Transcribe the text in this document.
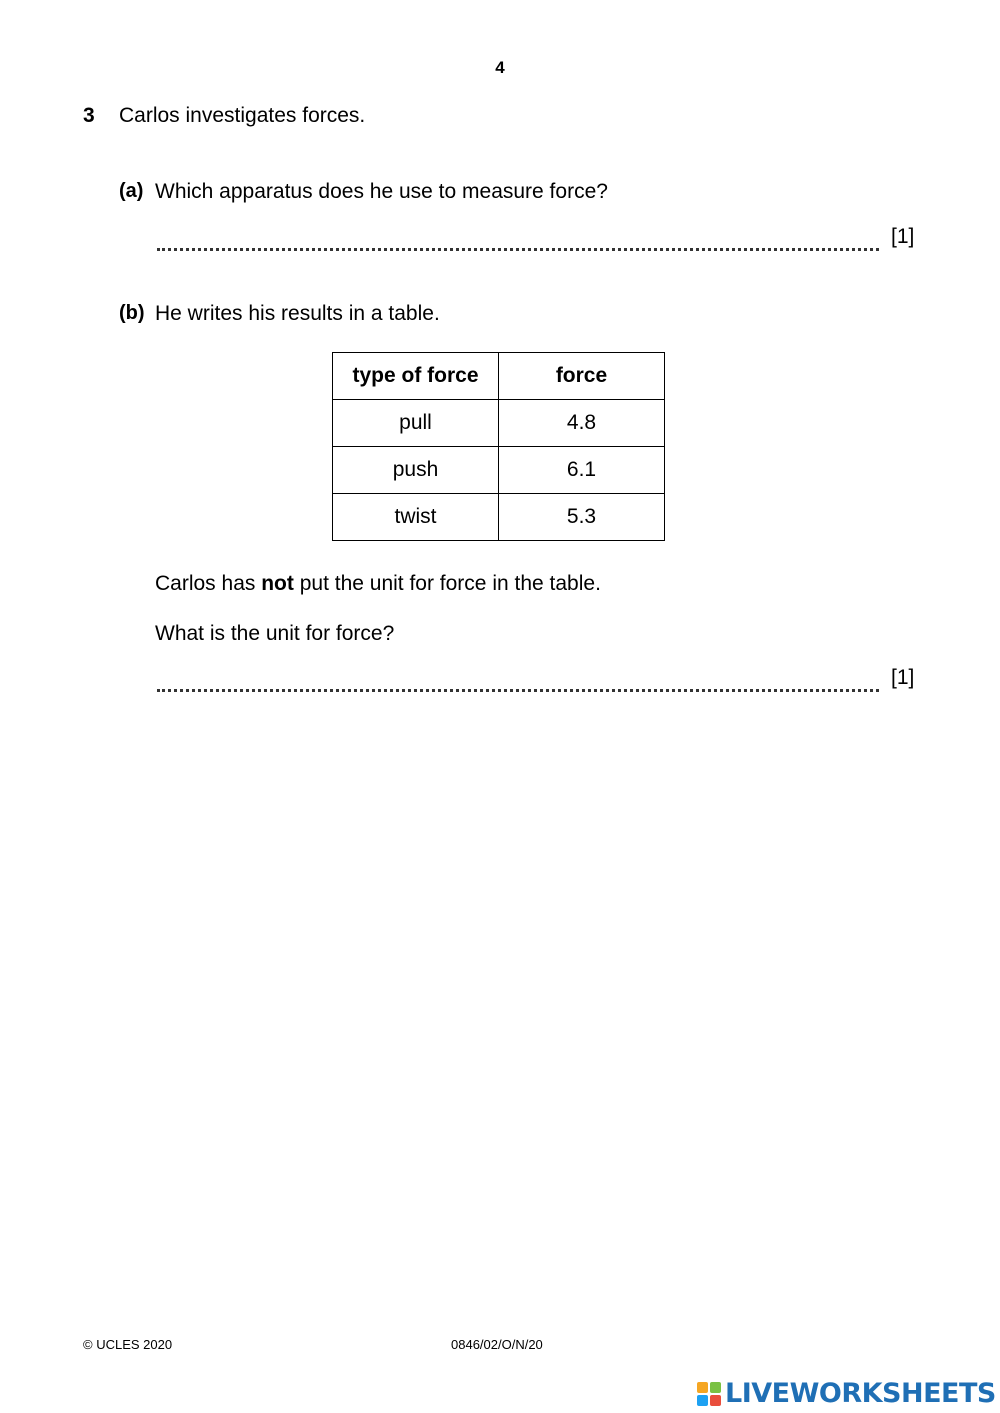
4
3 Carlos investigates forces.
(a) Which apparatus does he use to measure force?
[1]
(b) He writes his results in a table.
type of force	force
pull	4.8
push	6.1
twist	5.3
Carlos has not put the unit for force in the table.
What is the unit for force?
[1]
© UCLES 2020	0846/02/O/N/20
LIVEWORKSHEETS
